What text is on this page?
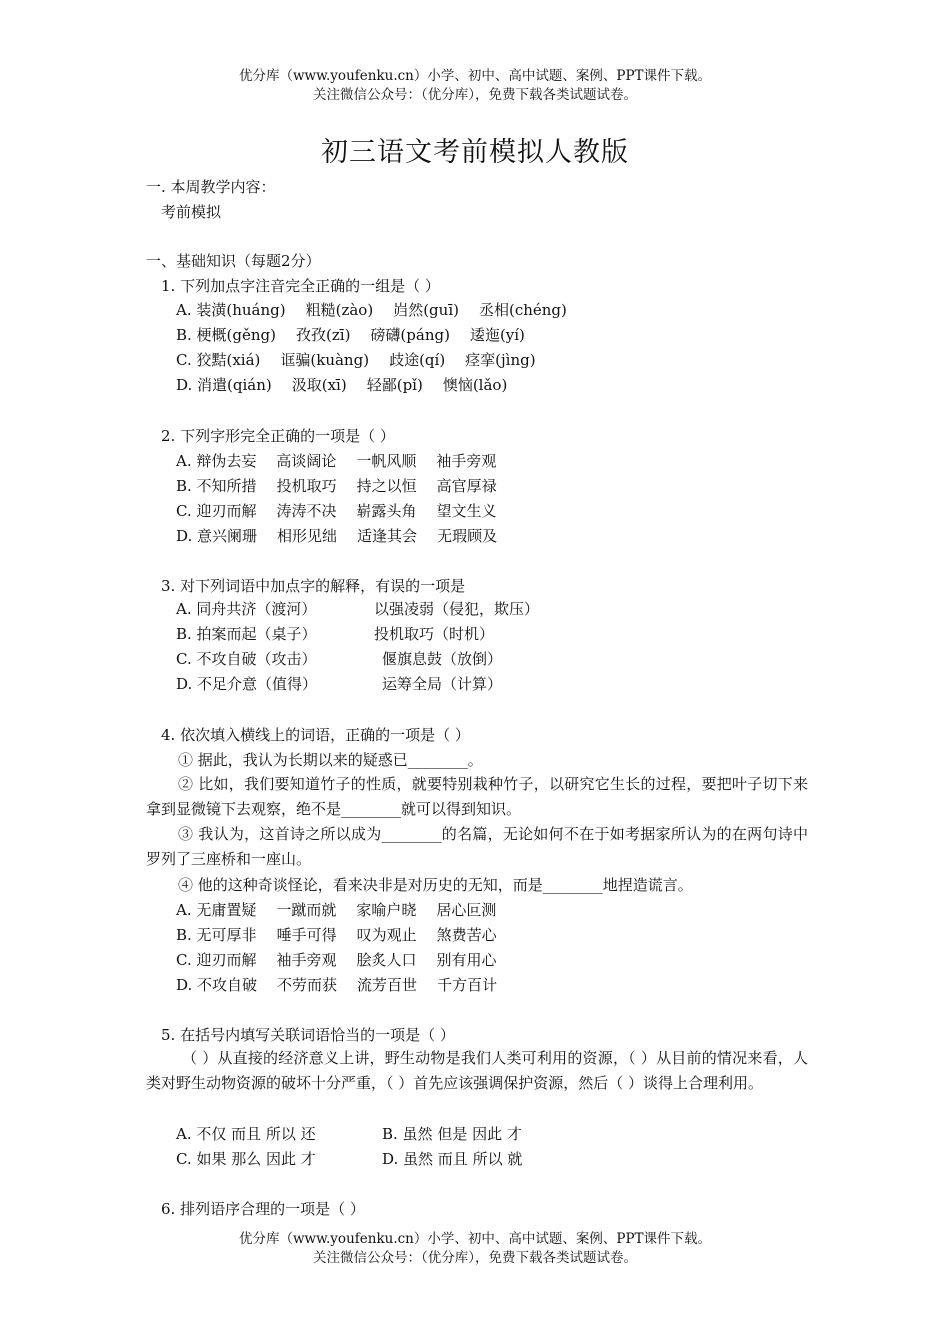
优分库（www.youfenku.cn）小学、初中、高中试题、案例、PPT课件下载。
关注微信公众号：（优分库），免费下载各类试题试卷。
初三语文考前模拟人教版
一. 本周教学内容：
考前模拟
一、基础知识（每题2分）
1. 下列加点字注音完全正确的一组是（ ）
A. 装潢(huáng) 粗糙(zào) 岿然(guī) 丞相(chéng)
B. 梗概(gěng) 孜孜(zī) 磅礴(páng) 逶迤(yí)
C. 狡黠(xiá) 诓骗(kuàng) 歧途(qí) 痉挛(jìng)
D. 消遣(qián) 汲取(xī) 轻鄙(pǐ) 懊恼(lǎo)
2. 下列字形完全正确的一项是（ ）
A. 辩伪去妄 高谈阔论 一帆风顺 袖手旁观
B. 不知所措 投机取巧 持之以恒 高官厚禄
C. 迎刃而解 涛涛不决 崭露头角 望文生义
D. 意兴阑珊 相形见绌 适逢其会 无瑕顾及
3. 对下列词语中加点字的解释，有误的一项是
A. 同舟共济（渡河）	以强凌弱（侵犯，欺压）
B. 拍案而起（桌子）	投机取巧（时机）
C. 不攻自破（攻击）	偃旗息鼓（放倒）
D. 不足介意（值得）	运筹全局（计算）
4. 依次填入横线上的词语，正确的一项是（ ）
① 据此，我认为长期以来的疑惑已________。
② 比如，我们要知道竹子的性质，就要特别栽种竹子，以研究它生长的过程，要把叶子切下来拿到显微镜下去观察，绝不是________就可以得到知识。
③ 我认为，这首诗之所以成为________的名篇，无论如何不在于如考据家所认为的在两句诗中罗列了三座桥和一座山。
④ 他的这种奇谈怪论，看来决非是对历史的无知，而是________地捏造谎言。
A. 无庸置疑 一蹴而就 家喻户晓 居心叵测
B. 无可厚非 唾手可得 叹为观止 煞费苦心
C. 迎刃而解 袖手旁观 脍炙人口 别有用心
D. 不攻自破 不劳而获 流芳百世 千方百计
5. 在括号内填写关联词语恰当的一项是（ ）
（ ）从直接的经济意义上讲，野生动物是我们人类可利用的资源，（ ）从目前的情况来看，人类对野生动物资源的破坏十分严重，（ ）首先应该强调保护资源，然后（ ）谈得上合理利用。
A. 不仅 而且 所以 还	B. 虽然 但是 因此 才
C. 如果 那么 因此 才	D. 虽然 而且 所以 就
6. 排列语序合理的一项是（ ）
优分库（www.youfenku.cn）小学、初中、高中试题、案例、PPT课件下载。
关注微信公众号：（优分库），免费下载各类试题试卷。
